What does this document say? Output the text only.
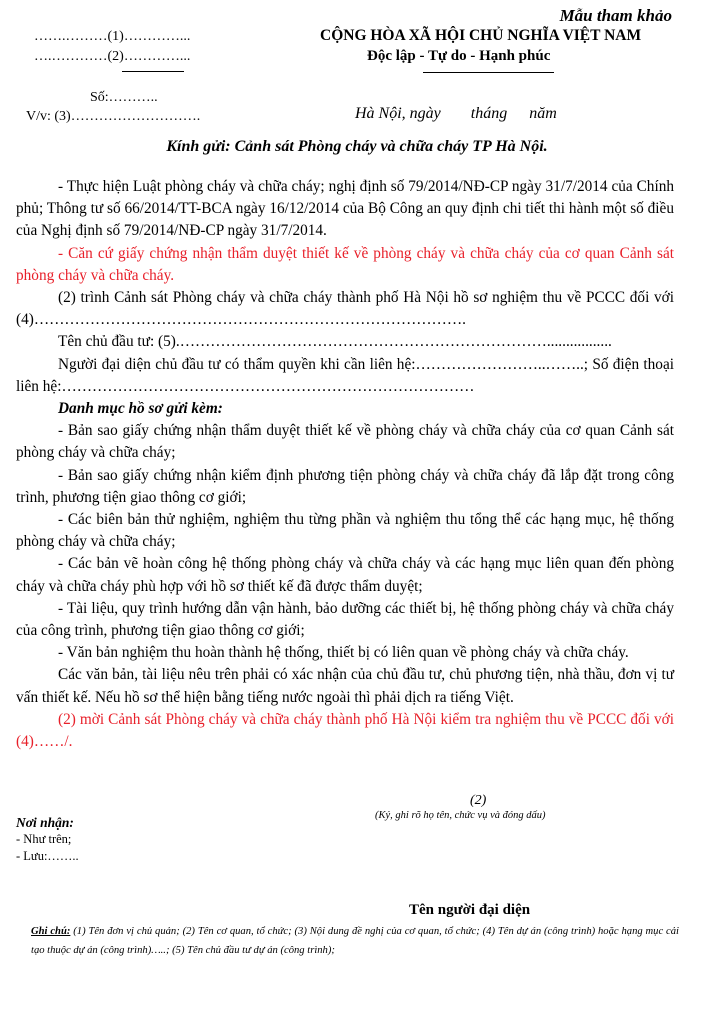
Mẫu tham khảo
…….………(1)…………...
….…………(2)…………...
CỘNG HÒA XÃ HỘI CHỦ NGHĨA VIỆT NAM
Độc lập - Tự do - Hạnh phúc
Số:………..
V/v: (3)……………………….	Hà Nội, ngày tháng năm
Kính gửi: Cảnh sát Phòng cháy và chữa cháy TP Hà Nội.

- Thực hiện Luật phòng cháy và chữa cháy; nghị định số 79/2014/NĐ-CP ngày 31/7/2014 của Chính phủ; Thông tư số 66/2014/TT-BCA ngày 16/12/2014 của Bộ Công an quy định chi tiết thi hành một số điều của Nghị định số 79/2014/NĐ-CP ngày 31/7/2014.

- Căn cứ giấy chứng nhận thẩm duyệt thiết kế về phòng cháy và chữa cháy của cơ quan Cảnh sát phòng cháy và chữa cháy.

(2) trình Cảnh sát Phòng cháy và chữa cháy thành phố Hà Nội hồ sơ nghiệm thu về PCCC đối với (4)………………………………………………………………………….

Tên chủ đầu tư: (5).……………………………………………………………….................

Người đại diện chủ đầu tư có thẩm quyền khi cần liên hệ:……………………..……..; Số điện thoại liên hệ:………………………………………………………………………

Danh mục hồ sơ gửi kèm:

- Bản sao giấy chứng nhận thẩm duyệt thiết kế về phòng cháy và chữa cháy của cơ quan Cảnh sát phòng cháy và chữa cháy;

- Bản sao giấy chứng nhận kiểm định phương tiện phòng cháy và chữa cháy đã lắp đặt trong công trình, phương tiện giao thông cơ giới;

- Các biên bản thử nghiệm, nghiệm thu từng phần và nghiệm thu tổng thể các hạng mục, hệ thống phòng cháy và chữa cháy;

- Các bản vẽ hoàn công hệ thống phòng cháy và chữa cháy và các hạng mục liên quan đến phòng cháy và chữa cháy phù hợp với hồ sơ thiết kế đã được thẩm duyệt;

- Tài liệu, quy trình hướng dẫn vận hành, bảo dưỡng các thiết bị, hệ thống phòng cháy và chữa cháy của công trình, phương tiện giao thông cơ giới;

- Văn bản nghiệm thu hoàn thành hệ thống, thiết bị có liên quan về phòng cháy và chữa cháy.

Các văn bản, tài liệu nêu trên phải có xác nhận của chủ đầu tư, chủ phương tiện, nhà thầu, đơn vị tư vấn thiết kế. Nếu hồ sơ thể hiện bằng tiếng nước ngoài thì phải dịch ra tiếng Việt.

(2) mời Cảnh sát Phòng cháy và chữa cháy thành phố Hà Nội kiểm tra nghiệm thu về PCCC đối với (4)……/.

(2)
(Ký, ghi rõ họ tên, chức vụ và đóng dấu)
Nơi nhận:
- Như trên;
- Lưu:……..
Tên người đại diện
Ghi chú: (1) Tên đơn vị chủ quản; (2) Tên cơ quan, tổ chức; (3) Nội dung đề nghị của cơ quan, tổ chức; (4) Tên dự án (công trình) hoặc hạng mục cải tạo thuộc dự án (công trình)…..; (5) Tên chủ đầu tư dự án (công trình);
